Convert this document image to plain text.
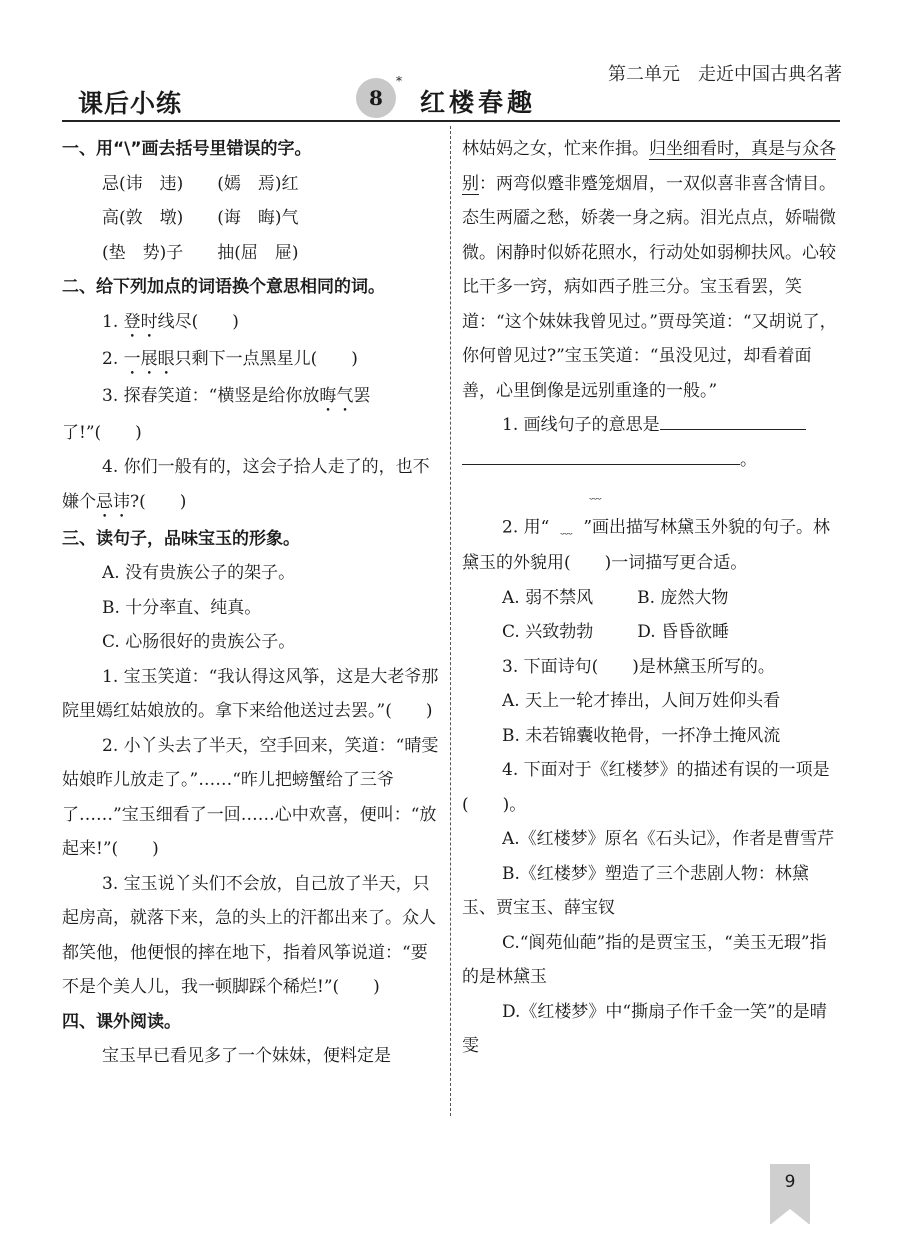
第二单元　走近中国古典名著
课后小练	8
*
红楼春趣

一、用“\”画去括号里错误的字。

忌(讳　违)　　(嫣　焉)红

高(敦　墩)　　(诲　晦)气

(垫　势)子　　抽(屈　屉)

二、给下列加点的词语换个意思相同的词。

1. 登时线尽(　　)

2. 一展眼只剩下一点黑星儿(　　)

3. 探春笑道：“横竖是给你放晦气罢了!”(　　)

4. 你们一般有的，这会子拾人走了的，也不嫌个忌讳?(　　)

三、读句子，品味宝玉的形象。

A. 没有贵族公子的架子。

B. 十分率直、纯真。

C. 心肠很好的贵族公子。

1. 宝玉笑道：“我认得这风筝，这是大老爷那院里嫣红姑娘放的。拿下来给他送过去罢。”(　　)

2. 小丫头去了半天，空手回来，笑道：“晴雯姑娘昨儿放走了。”……“昨儿把螃蟹给了三爷了……”宝玉细看了一回……心中欢喜，便叫：“放起来!”(　　)

3. 宝玉说丫头们不会放，自己放了半天，只起房高，就落下来，急的头上的汗都出来了。众人都笑他，他便恨的摔在地下，指着风筝说道：“要不是个美人儿，我一顿脚踩个稀烂!”(　　)

四、课外阅读。

宝玉早已看见多了一个妹妹，便料定是

林姑妈之女，忙来作揖。归坐细看时，真是与众各别：两弯似蹙非蹙笼烟眉，一双似喜非喜含情目。态生两靥之愁，娇袭一身之病。泪光点点，娇喘微微。闲静时似娇花照水，行动处如弱柳扶风。心较比干多一窍，病如西子胜三分。宝玉看罢，笑道：“这个妹妹我曾见过。”贾母笑道：“又胡说了，你何曾见过?”宝玉笑道：“虽没见过，却看着面善，心里倒像是远别重逢的一般。”

1. 画线句子的意思是

。

2. 用“﹏﹏ ”画出描写林黛玉外貌的句子。林黛玉的外貌用(　　)一词描写更合适。

A. 弱不禁风	B. 庞然大物

C. 兴致勃勃	D. 昏昏欲睡

3. 下面诗句(　　)是林黛玉所写的。

A. 天上一轮才捧出，人间万姓仰头看

B. 未若锦囊收艳骨，一抔净土掩风流

4. 下面对于《红楼梦》的描述有误的一项是(　　)。

A.《红楼梦》原名《石头记》，作者是曹雪芹

B.《红楼梦》塑造了三个悲剧人物：林黛玉、贾宝玉、薛宝钗

C.“阆苑仙葩”指的是贾宝玉，“美玉无瑕”指的是林黛玉

D.《红楼梦》中“撕扇子作千金一笑”的是晴雯

9
